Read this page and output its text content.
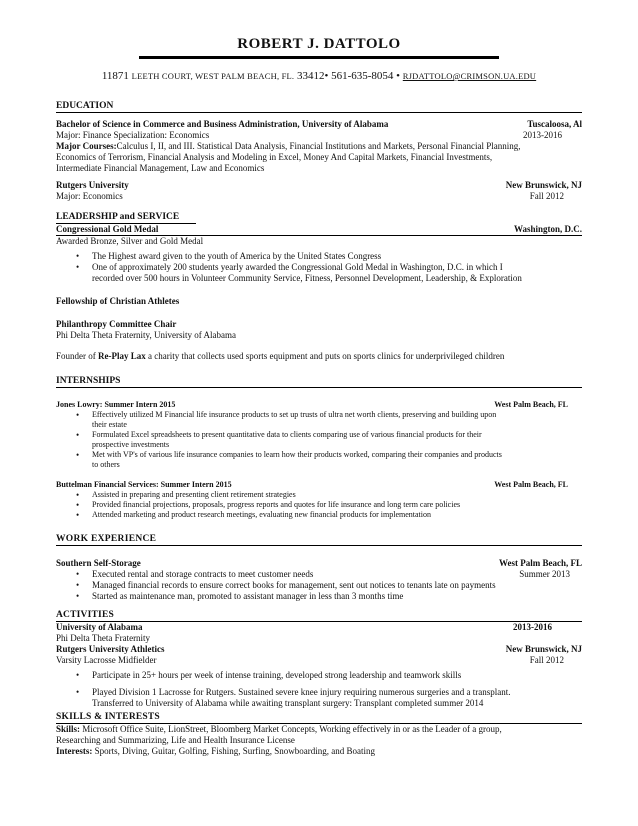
ROBERT J. DATTOLO
11871 LEETH COURT, WEST PALM BEACH, FL. 33412• 561-635-8054 • RJDATTOLO@CRIMSON.UA.EDU
EDUCATION
Bachelor of Science in Commerce and Business Administration, University of Alabama	Tuscaloosa, Al
Major: Finance Specialization: Economics	2013-2016
Major Courses:Calculus I, II, and III. Statistical Data Analysis, Financial Institutions and Markets, Personal Financial Planning,
Economics of Terrorism, Financial Analysis and Modeling in Excel, Money And Capital Markets, Financial Investments,
Intermediate Financial Management, Law and Economics
Rutgers University	New Brunswick, NJ
Major: Economics	Fall 2012
LEADERSHIP and SERVICE
Congressional Gold Medal	Washington, D.C.
Awarded Bronze, Silver and Gold Medal
• The Highest award given to the youth of America by the United States Congress
• One of approximately 200 students yearly awarded the Congressional Gold Medal in Washington, D.C. in which I
recorded over 500 hours in Volunteer Community Service, Fitness, Personnel Development, Leadership, & Exploration
Fellowship of Christian Athletes
Philanthropy Committee Chair
Phi Delta Theta Fraternity, University of Alabama
Founder of Re-Play Lax a charity that collects used sports equipment and puts on sports clinics for underprivileged children
INTERNSHIPS
Jones Lowry: Summer Intern 2015	West Palm Beach, FL
• Effectively utilized M Financial life insurance products to set up trusts of ultra net worth clients, preserving and building upon
their estate
• Formulated Excel spreadsheets to present quantitative data to clients comparing use of various financial products for their
prospective investments
• Met with VP's of various life insurance companies to learn how their products worked, comparing their companies and products
to others
Buttelman Financial Services: Summer Intern 2015	West Palm Beach, FL
• Assisted in preparing and presenting client retirement strategies
• Provided financial projections, proposals, progress reports and quotes for life insurance and long term care policies
• Attended marketing and product research meetings, evaluating new financial products for implementation
WORK EXPERIENCE
Southern Self-Storage	West Palm Beach, FL
Summer 2013
• Executed rental and storage contracts to meet customer needs
• Managed financial records to ensure correct books for management, sent out notices to tenants late on payments
• Started as maintenance man, promoted to assistant manager in less than 3 months time
ACTIVITIES
University of Alabama	2013-2016
Phi Delta Theta Fraternity
Rutgers University Athletics	New Brunswick, NJ
Varsity Lacrosse Midfielder	Fall 2012
• Participate in 25+ hours per week of intense training, developed strong leadership and teamwork skills
• Played Division 1 Lacrosse for Rutgers. Sustained severe knee injury requiring numerous surgeries and a transplant.
Transferred to University of Alabama while awaiting transplant surgery: Transplant completed summer 2014
SKILLS & INTERESTS
Skills: Microsoft Office Suite, LionStreet, Bloomberg Market Concepts, Working effectively in or as the Leader of a group,
Researching and Summarizing, Life and Health Insurance License
Interests: Sports, Diving, Guitar, Golfing, Fishing, Surfing, Snowboarding, and Boating
